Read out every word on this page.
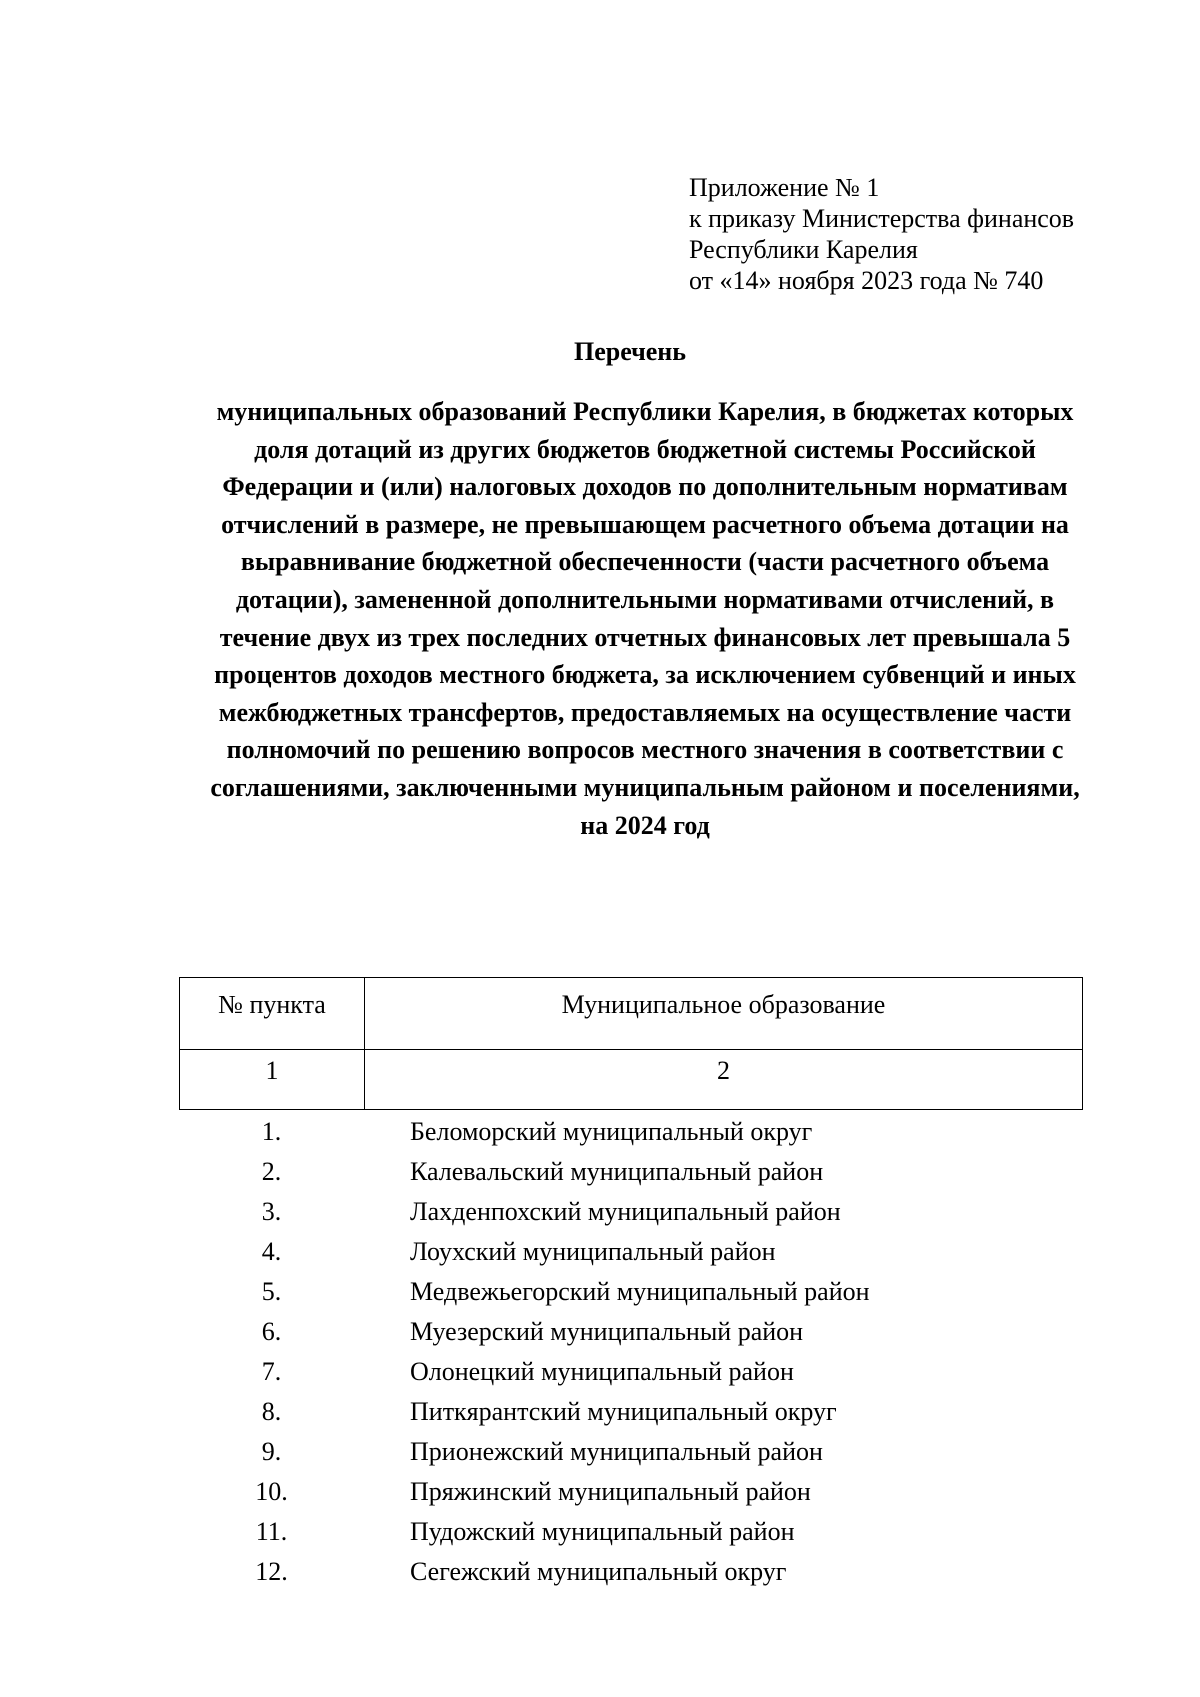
Приложение № 1
к приказу Министерства финансов
Республики Карелия
от «14» ноября 2023 года № 740
Перечень
муниципальных образований Республики Карелия, в бюджетах которых
доля дотаций из других бюджетов бюджетной системы Российской
Федерации и (или) налоговых доходов по дополнительным нормативам
отчислений в размере, не превышающем расчетного объема дотации на
выравнивание бюджетной обеспеченности (части расчетного объема
дотации), замененной дополнительными нормативами отчислений, в
течение двух из трех последних отчетных финансовых лет превышала 5
процентов доходов местного бюджета, за исключением субвенций и иных
межбюджетных трансфертов, предоставляемых на осуществление части
полномочий по решению вопросов местного значения в соответствии с
соглашениями, заключенными муниципальным районом и поселениями,
на 2024 год
№ пункта	Муниципальное образование
1	2
1.	Беломорский муниципальный округ
2.	Калевальский муниципальный район
3.	Лахденпохский муниципальный район
4.	Лоухский муниципальный район
5.	Медвежьегорский муниципальный район
6.	Муезерский муниципальный район
7.	Олонецкий муниципальный район
8.	Питкярантский муниципальный округ
9.	Прионежский муниципальный район
10.	Пряжинский муниципальный район
11.	Пудожский муниципальный район
12.	Сегежский муниципальный округ
